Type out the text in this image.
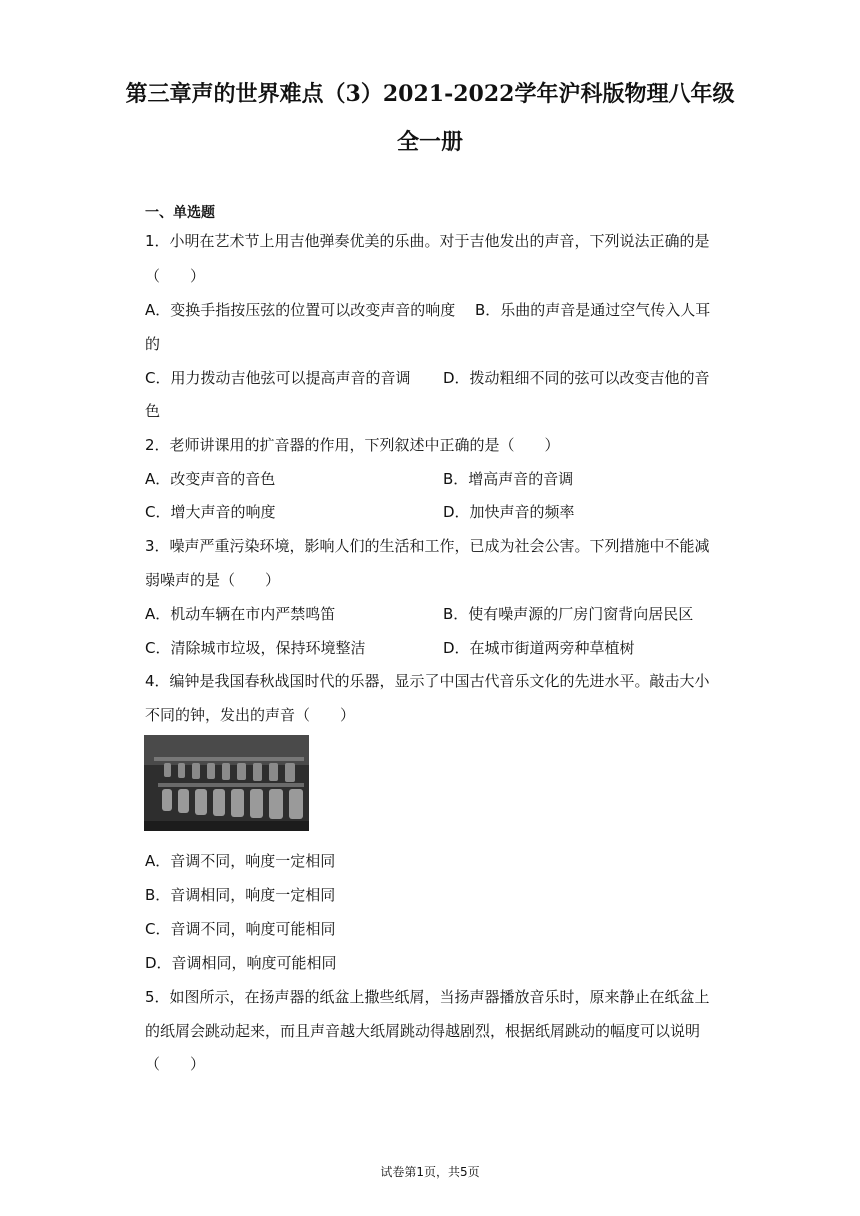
第三章声的世界难点（3）2021-2022学年沪科版物理八年级
全一册
一、单选题
1．小明在艺术节上用吉他弹奏优美的乐曲。对于吉他发出的声音，下列说法正确的是
（　　）
A．变换手指按压弦的位置可以改变声音的响度 B．乐曲的声音是通过空气传入人耳
的
C．用力拨动吉他弦可以提高声音的音调 D．拨动粗细不同的弦可以改变吉他的音
色
2．老师讲课用的扩音器的作用，下列叙述中正确的是（　　）
A．改变声音的音色	B．增高声音的音调
C．增大声音的响度	D．加快声音的频率
3．噪声严重污染环境，影响人们的生活和工作，已成为社会公害。下列措施中不能减
弱噪声的是（　　）
A．机动车辆在市内严禁鸣笛	B．使有噪声源的厂房门窗背向居民区
C．清除城市垃圾，保持环境整洁	D．在城市街道两旁种草植树
4．编钟是我国春秋战国时代的乐器，显示了中国古代音乐文化的先进水平。敲击大小
不同的钟，发出的声音（　　）
A．音调不同，响度一定相同
B．音调相同，响度一定相同
C．音调不同，响度可能相同
D．音调相同，响度可能相同
5．如图所示，在扬声器的纸盆上撒些纸屑，当扬声器播放音乐时，原来静止在纸盆上
的纸屑会跳动起来，而且声音越大纸屑跳动得越剧烈，根据纸屑跳动的幅度可以说明
（　　）
试卷第1页，共5页
